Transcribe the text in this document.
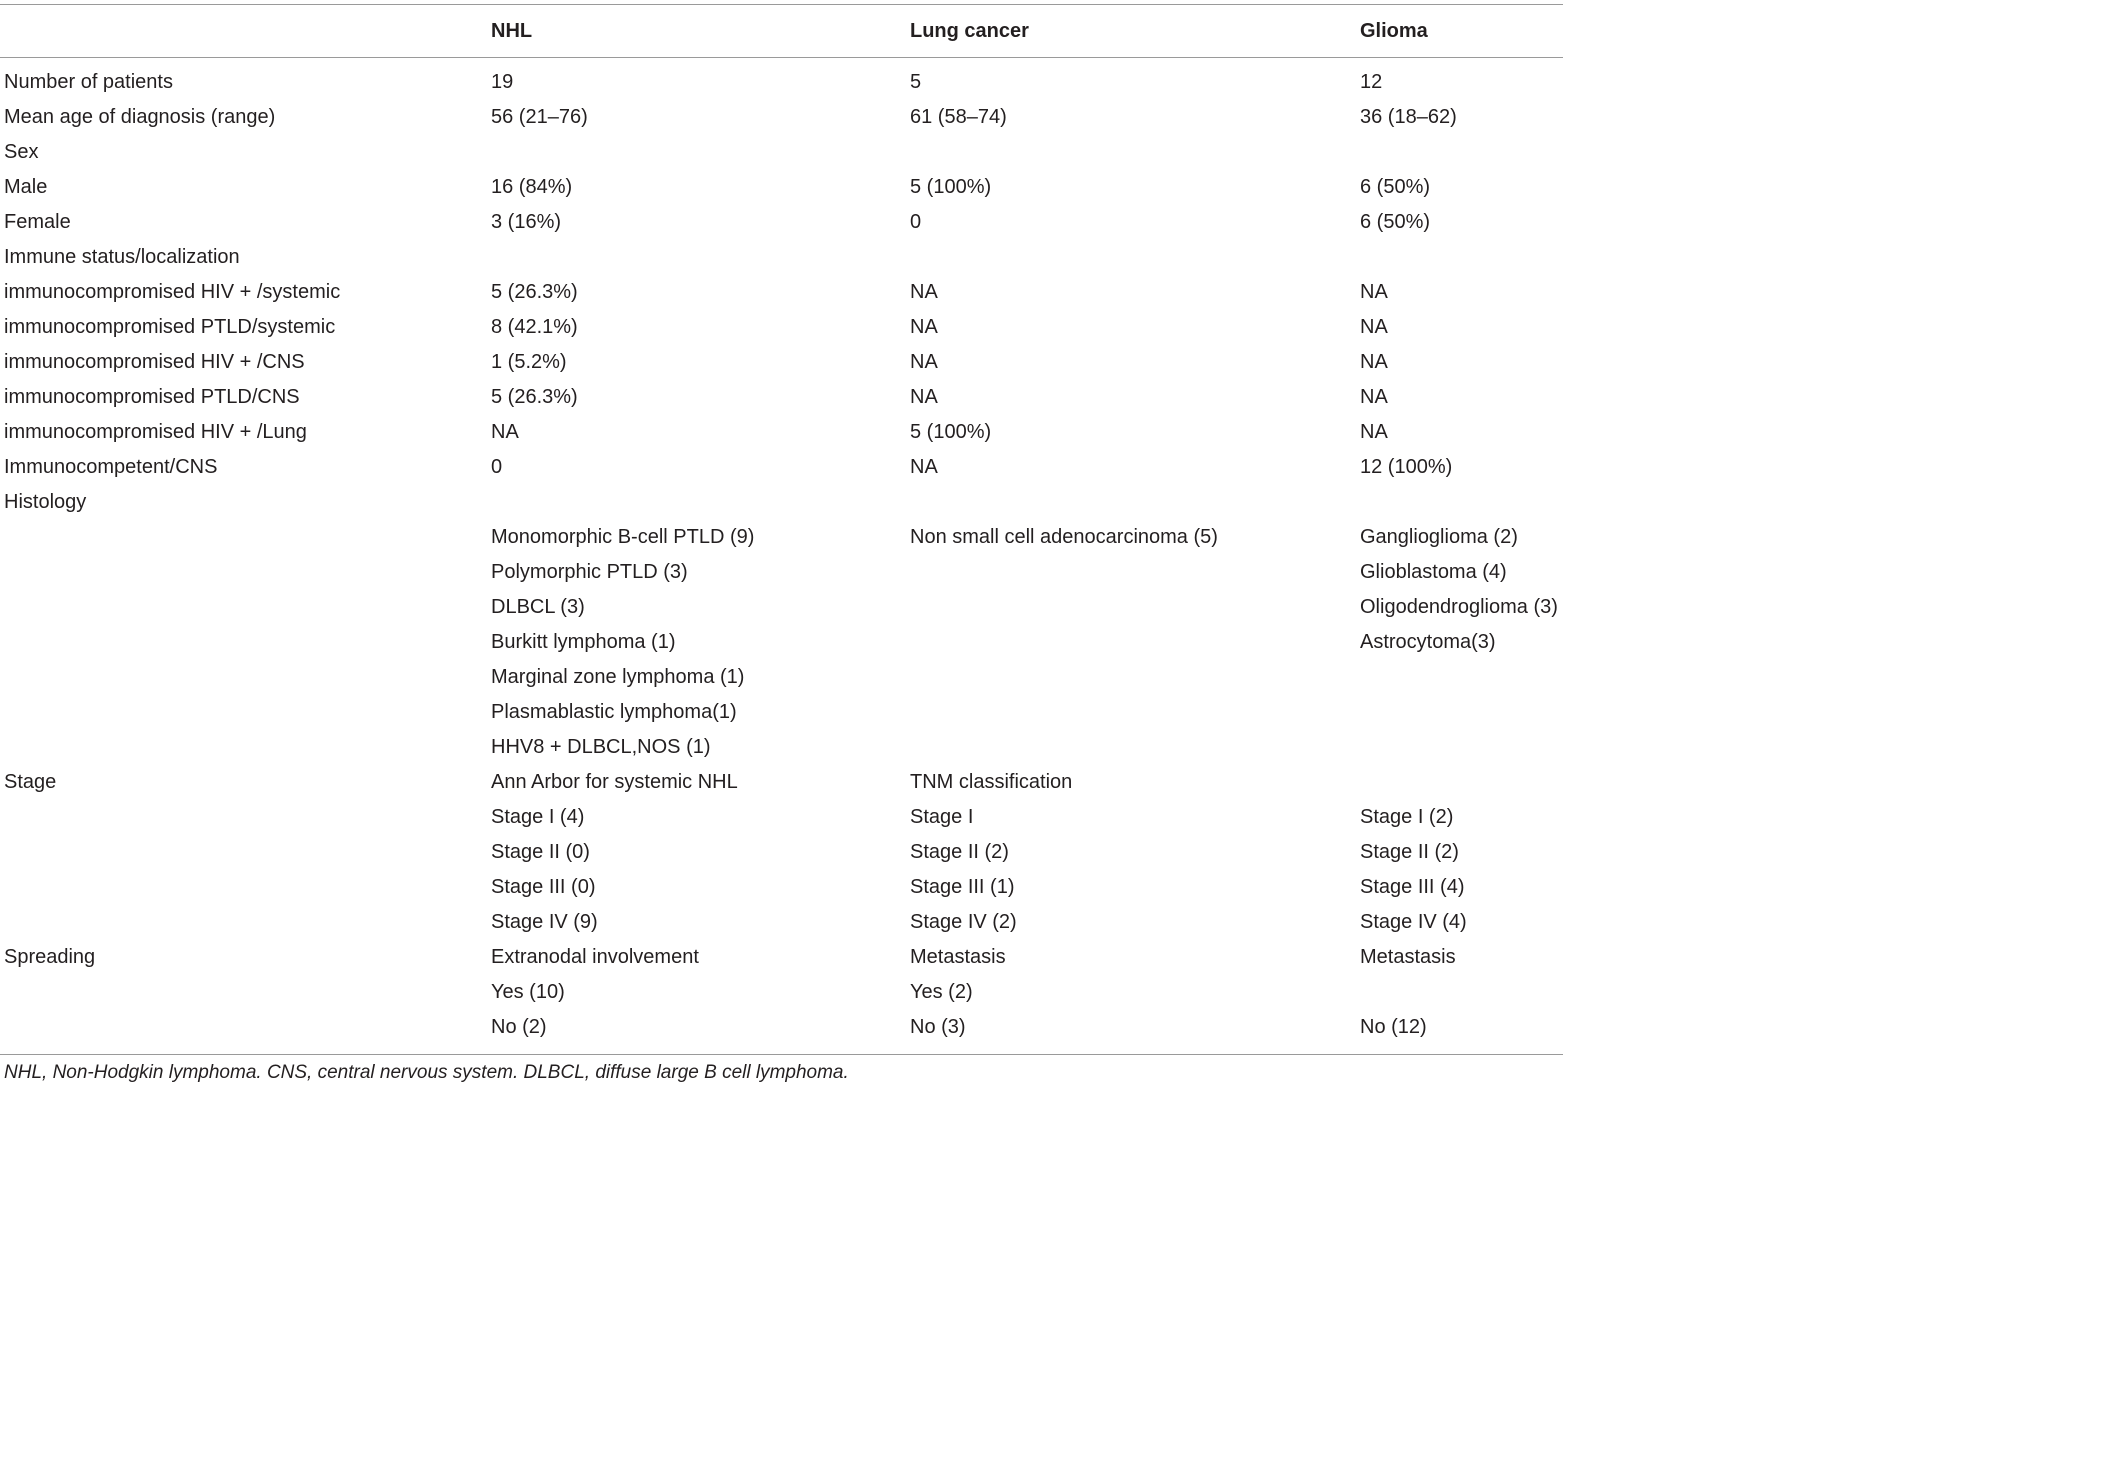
	NHL	Lung cancer	Glioma

Number of patients	19	5	12
Mean age of diagnosis (range)	56 (21–76)	61 (58–74)	36 (18–62)
Sex			
Male	16 (84%)	5 (100%)	6 (50%)
Female	3 (16%)	0	6 (50%)
Immune status/localization			
immunocompromised HIV + /systemic	5 (26.3%)	NA	NA
immunocompromised PTLD/systemic	8 (42.1%)	NA	NA
immunocompromised HIV + /CNS	1 (5.2%)	NA	NA
immunocompromised PTLD/CNS	5 (26.3%)	NA	NA
immunocompromised HIV + /Lung	NA	5 (100%)	NA
Immunocompetent/CNS	0	NA	12 (100%)
Histology			
	Monomorphic B-cell PTLD (9)	Non small cell adenocarcinoma (5)	Ganglioglioma (2)
	Polymorphic PTLD (3)		Glioblastoma (4)
	DLBCL (3)		Oligodendroglioma (3)
	Burkitt lymphoma (1)		Astrocytoma(3)
	Marginal zone lymphoma (1)		
	Plasmablastic lymphoma(1)		
	HHV8 + DLBCL,NOS (1)		
Stage	Ann Arbor for systemic NHL	TNM classification	
	Stage I (4)	Stage I	Stage I (2)
	Stage II (0)	Stage II (2)	Stage II (2)
	Stage III (0)	Stage III (1)	Stage III (4)
	Stage IV (9)	Stage IV (2)	Stage IV (4)
Spreading	Extranodal involvement	Metastasis	Metastasis
	Yes (10)	Yes (2)	
	No (2)	No (3)	No (12)
NHL, Non-Hodgkin lymphoma. CNS, central nervous system. DLBCL, diffuse large B cell lymphoma.
